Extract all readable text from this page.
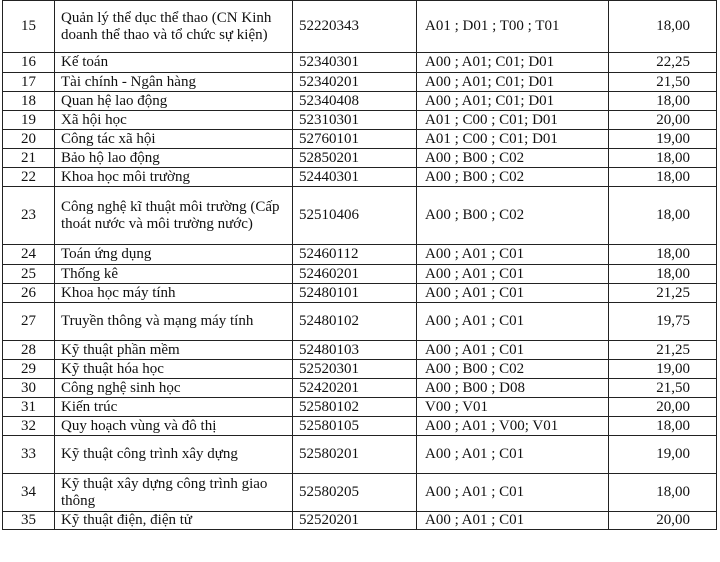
15	Quản lý thể dục thể thao (CN Kinh doanh thể thao và tổ chức sự kiện)	52220343	A01 ; D01 ; T00 ; T01	18,00
16	Kế toán	52340301	A00 ; A01; C01; D01	22,25
17	Tài chính - Ngân hàng	52340201	A00 ; A01; C01; D01	21,50
18	Quan hệ lao động	52340408	A00 ; A01; C01; D01	18,00
19	Xã hội học	52310301	A01 ; C00 ; C01; D01	20,00
20	Công tác xã hội	52760101	A01 ; C00 ; C01; D01	19,00
21	Bảo hộ lao động	52850201	A00 ; B00 ; C02	18,00
22	Khoa học môi trường	52440301	A00 ; B00 ; C02	18,00
23	Công nghệ kĩ thuật môi trường (Cấp thoát nước và môi trường nước)	52510406	A00 ; B00 ; C02	18,00
24	Toán ứng dụng	52460112	A00 ; A01 ; C01	18,00
25	Thống kê	52460201	A00 ; A01 ; C01	18,00
26	Khoa học máy tính	52480101	A00 ; A01 ; C01	21,25
27	Truyền thông và mạng máy tính	52480102	A00 ; A01 ; C01	19,75
28	Kỹ thuật phần mềm	52480103	A00 ; A01 ; C01	21,25
29	Kỹ thuật hóa học	52520301	A00 ; B00 ; C02	19,00
30	Công nghệ sinh học	52420201	A00 ; B00 ; D08	21,50
31	Kiến trúc	52580102	V00 ; V01	20,00
32	Quy hoạch vùng và đô thị	52580105	A00 ; A01 ; V00; V01	18,00
33	Kỹ thuật công trình xây dựng	52580201	A00 ; A01 ; C01	19,00
34	Kỹ thuật xây dựng công trình giao thông	52580205	A00 ; A01 ; C01	18,00
35	Kỹ thuật điện, điện tử	52520201	A00 ; A01 ; C01	20,00
